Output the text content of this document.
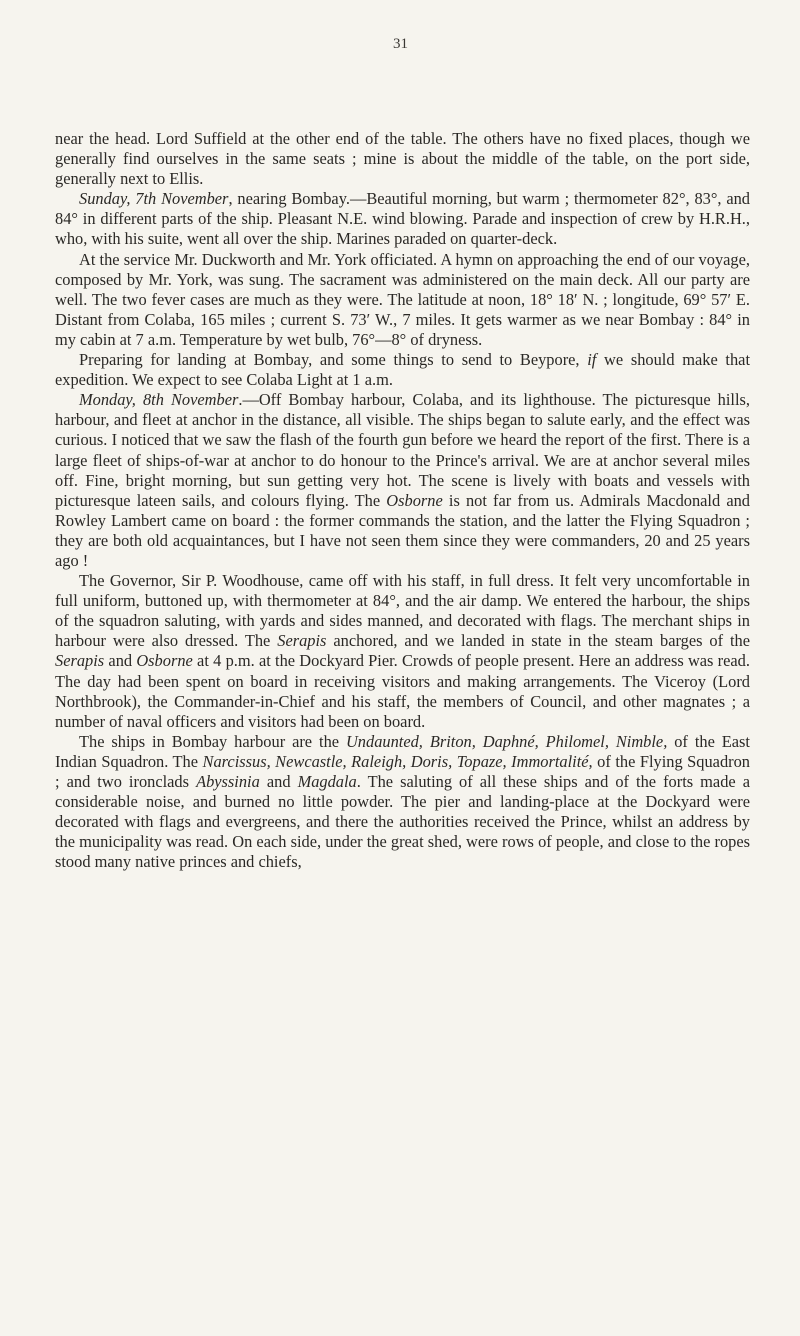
31

near the head. Lord Suffield at the other end of the table. The others have no fixed places, though we generally find ourselves in the same seats ; mine is about the middle of the table, on the port side, generally next to Ellis.

Sunday, 7th November, nearing Bombay.—Beautiful morning, but warm ; thermometer 82°, 83°, and 84° in different parts of the ship. Pleasant N.E. wind blowing. Parade and inspection of crew by H.R.H., who, with his suite, went all over the ship. Marines paraded on quarter-deck.

At the service Mr. Duckworth and Mr. York officiated. A hymn on approaching the end of our voyage, composed by Mr. York, was sung. The sacrament was administered on the main deck. All our party are well. The two fever cases are much as they were. The latitude at noon, 18° 18′ N. ; longitude, 69° 57′ E. Distant from Colaba, 165 miles ; current S. 73′ W., 7 miles. It gets warmer as we near Bombay : 84° in my cabin at 7 a.m. Temperature by wet bulb, 76°—8° of dryness.

Preparing for landing at Bombay, and some things to send to Beypore, if we should make that expedition. We expect to see Colaba Light at 1 a.m.

Monday, 8th November.—Off Bombay harbour, Colaba, and its lighthouse. The picturesque hills, harbour, and fleet at anchor in the distance, all visible. The ships began to salute early, and the effect was curious. I noticed that we saw the flash of the fourth gun before we heard the report of the first. There is a large fleet of ships-of-war at anchor to do honour to the Prince's arrival. We are at anchor several miles off. Fine, bright morning, but sun getting very hot. The scene is lively with boats and vessels with picturesque lateen sails, and colours flying. The Osborne is not far from us. Admirals Macdonald and Rowley Lambert came on board : the former commands the station, and the latter the Flying Squadron ; they are both old acquaintances, but I have not seen them since they were commanders, 20 and 25 years ago !

The Governor, Sir P. Woodhouse, came off with his staff, in full dress. It felt very uncomfortable in full uniform, buttoned up, with thermometer at 84°, and the air damp. We entered the harbour, the ships of the squadron saluting, with yards and sides manned, and decorated with flags. The merchant ships in harbour were also dressed. The Serapis anchored, and we landed in state in the steam barges of the Serapis and Osborne at 4 p.m. at the Dockyard Pier. Crowds of people present. Here an address was read. The day had been spent on board in receiving visitors and making arrangements. The Viceroy (Lord Northbrook), the Commander-in-Chief and his staff, the members of Council, and other magnates ; a number of naval officers and visitors had been on board.

The ships in Bombay harbour are the Undaunted, Briton, Daphné, Philomel, Nimble, of the East Indian Squadron. The Narcissus, Newcastle, Raleigh, Doris, Topaze, Immortalité, of the Flying Squadron ; and two ironclads Abyssinia and Magdala. The saluting of all these ships and of the forts made a considerable noise, and burned no little powder. The pier and landing-place at the Dockyard were decorated with flags and evergreens, and there the authorities received the Prince, whilst an address by the municipality was read. On each side, under the great shed, were rows of people, and close to the ropes stood many native princes and chiefs,
